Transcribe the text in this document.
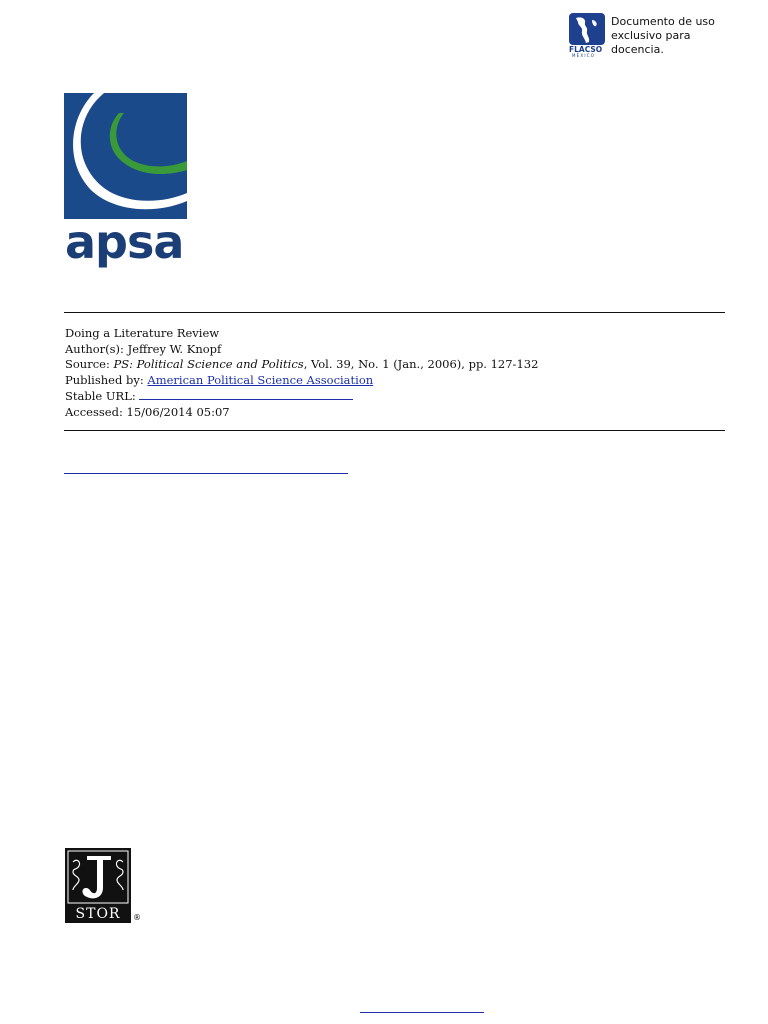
FLACSO
MÉXICO
Documento de uso
exclusivo para
docencia.
apsa
Doing a Literature Review
Author(s): Jeffrey W. Knopf
Source: PS: Political Science and Politics, Vol. 39, No. 1 (Jan., 2006), pp. 127-132
Published by: American Political Science Association
Stable URL:
Accessed: 15/06/2014 05:07
STOR	®
